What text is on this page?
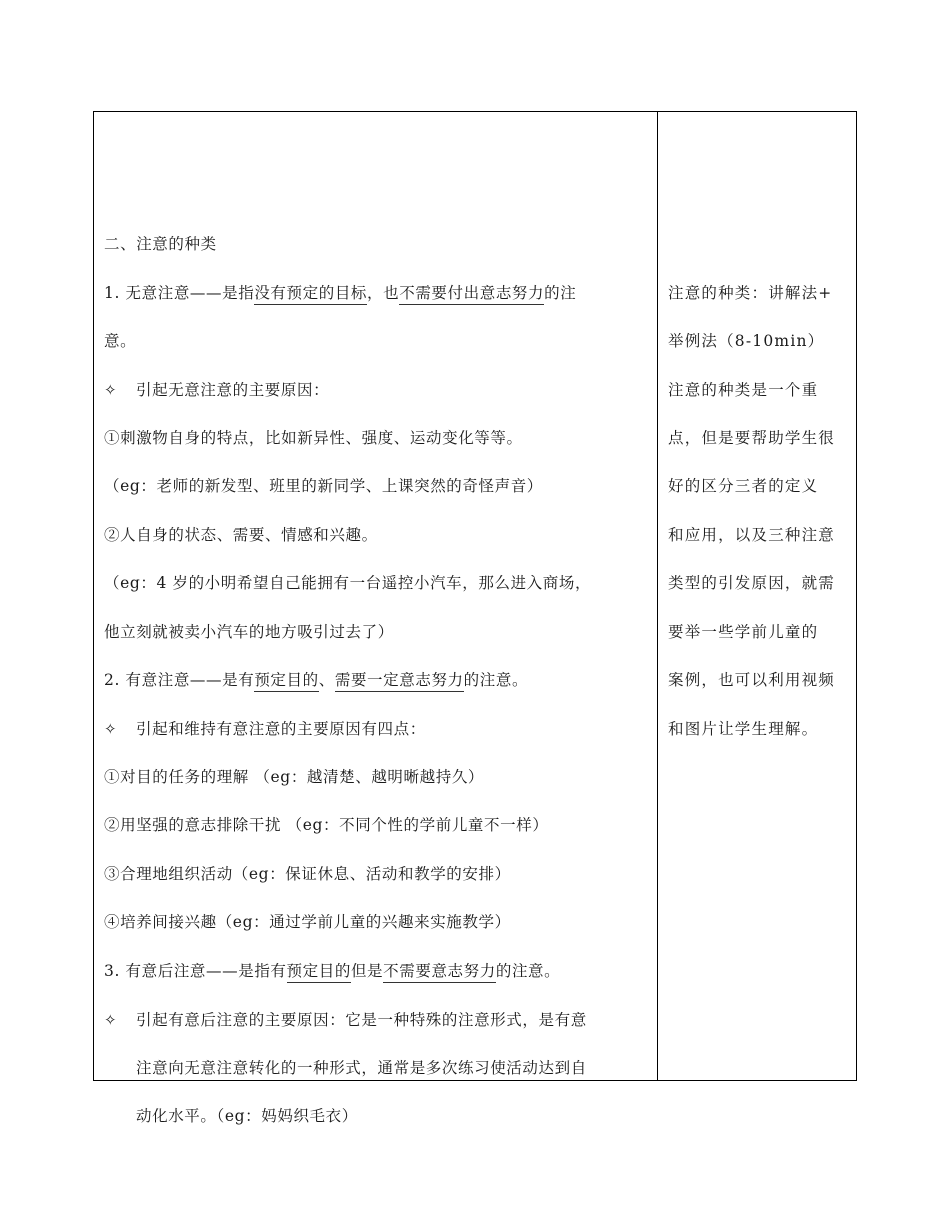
二、注意的种类
1. 无意注意——是指没有预定的目标，也不需要付出意志努力的注
意。
✧ 引起无意注意的主要原因：
①刺激物自身的特点，比如新异性、强度、运动变化等等。
（eg：老师的新发型、班里的新同学、上课突然的奇怪声音）
②人自身的状态、需要、情感和兴趣。
（eg：4 岁的小明希望自己能拥有一台遥控小汽车，那么进入商场，
他立刻就被卖小汽车的地方吸引过去了）
2. 有意注意——是有预定目的、需要一定意志努力的注意。
✧ 引起和维持有意注意的主要原因有四点：
①对目的任务的理解 （eg：越清楚、越明晰越持久）
②用坚强的意志排除干扰 （eg：不同个性的学前儿童不一样）
③合理地组织活动（eg：保证休息、活动和教学的安排）
④培养间接兴趣（eg：通过学前儿童的兴趣来实施教学）
3. 有意后注意——是指有预定目的但是不需要意志努力的注意。
✧ 引起有意后注意的主要原因：它是一种特殊的注意形式，是有意
注意向无意注意转化的一种形式，通常是多次练习使活动达到自
动化水平。（eg：妈妈织毛衣）
注意的种类：讲解法+
举例法（8-10min）
注意的种类是一个重
点，但是要帮助学生很
好的区分三者的定义
和应用，以及三种注意
类型的引发原因，就需
要举一些学前儿童的
案例，也可以利用视频
和图片让学生理解。
